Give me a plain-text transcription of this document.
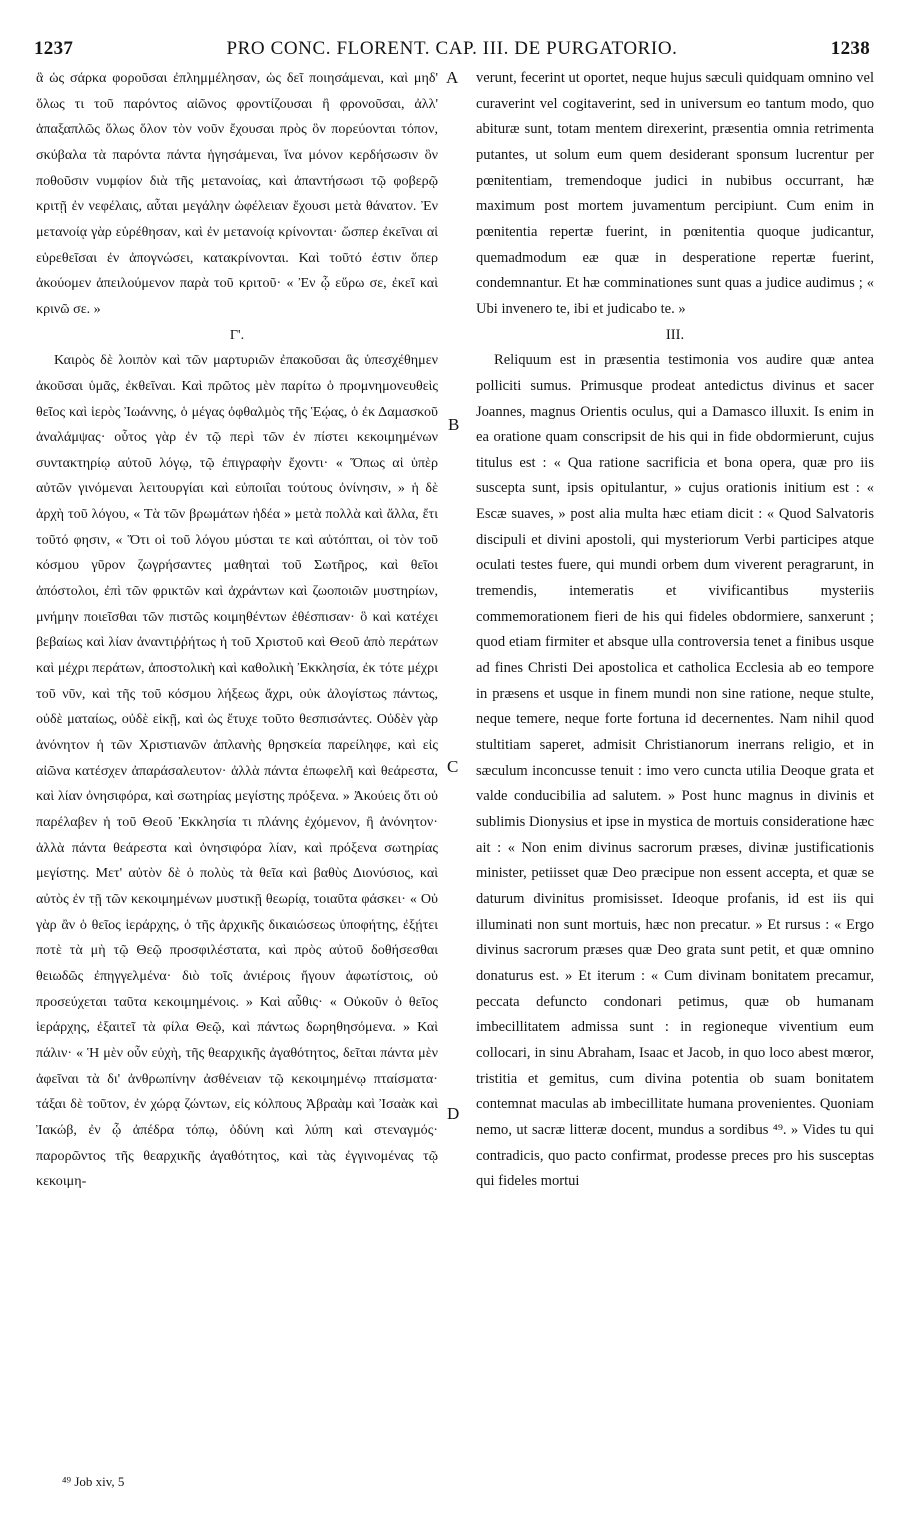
1237	PRO CONC. FLORENT. CAP. III. DE PURGATORIO.	1238

ἃ ὡς σάρκα φοροῦσαι ἐπλημμέλησαν, ὡς δεῖ ποιησάμεναι, καὶ μηδ' ὅλως τι τοῦ παρόντος αἰῶνος φροντίζουσαι ἢ φρονοῦσαι, ἀλλ' ἁπαξαπλῶς ὅλως ὅλον τὸν νοῦν ἔχουσαι πρὸς ὃν πορεύονται τόπον, σκύβαλα τὰ παρόντα πάντα ἡγησάμεναι, ἵνα μόνον κερδήσωσιν ὃν ποθοῦσιν νυμφίον διὰ τῆς μετανοίας, καὶ ἀπαντήσωσι τῷ φοβερῷ κριτῇ ἐν νεφέλαις, αὗται μεγάλην ὠφέλειαν ἔχουσι μετὰ θάνατον. Ἐν μετανοίᾳ γὰρ εὑρέθησαν, καὶ ἐν μετανοίᾳ κρίνονται· ὥσπερ ἐκεῖναι αἱ εὑρεθεῖσαι ἐν ἀπογνώσει, κατακρίνονται. Καὶ τοῦτό ἐστιν ὅπερ ἀκούομεν ἀπειλούμενον παρὰ τοῦ κριτοῦ· « Ἐν ᾧ εὕρω σε, ἐκεῖ καὶ κρινῶ σε. »

Γ'.

Καιρὸς δὲ λοιπὸν καὶ τῶν μαρτυριῶν ἐπακοῦσαι ἃς ὑπεσχέθημεν ἀκοῦσαι ὑμᾶς, ἐκθεῖναι. Καὶ πρῶτος μὲν παρίτω ὁ προμνημονευθεὶς θεῖος καὶ ἱερὸς Ἰωάννης, ὁ μέγας ὀφθαλμὸς τῆς Ἑῴας, ὁ ἐκ Δαμασκοῦ ἀναλάμψας· οὗτος γὰρ ἐν τῷ περὶ τῶν ἐν πίστει κεκοιμημένων συντακτηρίῳ αὐτοῦ λόγῳ, τῷ ἐπιγραφὴν ἔχοντι· « Ὅπως αἱ ὑπὲρ αὐτῶν γινόμεναι λειτουργίαι καὶ εὐποιΐαι τούτους ὀνίνησιν, » ἡ δὲ ἀρχὴ τοῦ λόγου, « Τὰ τῶν βρωμάτων ἡδέα » μετὰ πολλὰ καὶ ἄλλα, ἔτι τοῦτό φησιν, « Ὅτι οἱ τοῦ λόγου μύσται τε καὶ αὐτόπται, οἱ τὸν τοῦ κόσμου γῦρον ζωγρήσαντες μαθηταὶ τοῦ Σωτῆρος, καὶ θεῖοι ἀπόστολοι, ἐπὶ τῶν φρικτῶν καὶ ἀχράντων καὶ ζωοποιῶν μυστηρίων, μνήμην ποιεῖσθαι τῶν πιστῶς κοιμηθέντων ἐθέσπισαν· ὃ καὶ κατέχει βεβαίως καὶ λίαν ἀναντιῤῥήτως ἡ τοῦ Χριστοῦ καὶ Θεοῦ ἀπὸ περάτων καὶ μέχρι περάτων, ἀποστολικὴ καὶ καθολικὴ Ἐκκλησία, ἐκ τότε μέχρι τοῦ νῦν, καὶ τῆς τοῦ κόσμου λήξεως ἄχρι, οὐκ ἀλογίστως πάντως, οὐδὲ ματαίως, οὐδὲ εἰκῇ, καὶ ὡς ἔτυχε τοῦτο θεσπισάντες. Οὐδὲν γὰρ ἀνόνητον ἡ τῶν Χριστιανῶν ἀπλανὴς θρησκεία παρείληφε, καὶ εἰς αἰῶνα κατέσχεν ἀπαράσαλευτον· ἀλλὰ πάντα ἐπωφελῆ καὶ θεάρεστα, καὶ λίαν ὀνησιφόρα, καὶ σωτηρίας μεγίστης πρόξενα. » Ἀκούεις ὅτι οὐ παρέλαβεν ἡ τοῦ Θεοῦ Ἐκκλησία τι πλάνης ἐχόμενον, ἢ ἀνόνητον· ἀλλὰ πάντα θεάρεστα καὶ ὀνησιφόρα λίαν, καὶ πρόξενα σωτηρίας μεγίστης. Μετ' αὐτὸν δὲ ὁ πολὺς τὰ θεῖα καὶ βαθὺς Διονύσιος, καὶ αὐτὸς ἐν τῇ τῶν κεκοιμημένων μυστικῇ θεωρίᾳ, τοιαῦτα φάσκει· « Οὐ γὰρ ἂν ὁ θεῖος ἱεράρχης, ὁ τῆς ἀρχικῆς δικαιώσεως ὑποφήτης, ἐξῄτει ποτὲ τὰ μὴ τῷ Θεῷ προσφιλέστατα, καὶ πρὸς αὐτοῦ δοθήσεσθαι θειωδῶς ἐπηγγελμένα· διὸ τοῖς ἀνιέροις ἤγουν ἀφωτίστοις, οὐ προσεύχεται ταῦτα κεκοιμημένοις. » Καὶ αὖθις· « Οὐκοῦν ὁ θεῖος ἱεράρχης, ἐξαιτεῖ τὰ φίλα Θεῷ, καὶ πάντως δωρηθησόμενα. » Καὶ πάλιν· « Ἡ μὲν οὖν εὐχὴ, τῆς θεαρχικῆς ἀγαθότητος, δεῖται πάντα μὲν ἀφεῖναι τὰ δι' ἀνθρωπίνην ἀσθένειαν τῷ κεκοιμημένῳ πταίσματα· τάξαι δὲ τοῦτον, ἐν χώρᾳ ζώντων, εἰς κόλπους Ἀβραὰμ καὶ Ἰσαὰκ καὶ Ἰακώβ, ἐν ᾧ ἀπέδρα τόπῳ, ὀδύνη καὶ λύπη καὶ στεναγμός· παρορῶντος τῆς θεαρχικῆς ἀγαθότητος, καὶ τὰς ἐγγινομένας τῷ κεκοιμη-

verunt, fecerint ut oportet, neque hujus sæculi quidquam omnino vel curaverint vel cogitaverint, sed in universum eo tantum modo, quo abituræ sunt, totam mentem direxerint, præsentia omnia retrimenta putantes, ut solum eum quem desiderant sponsum lucrentur per pœnitentiam, tremendoque judici in nubibus occurrant, hæ maximum post mortem juvamentum percipiunt. Cum enim in pœnitentia repertæ fuerint, in pœnitentia quoque judicantur, quemadmodum eæ quæ in desperatione repertæ fuerint, condemnantur. Et hæ comminationes sunt quas a judice audimus ; « Ubi invenero te, ibi et judicabo te. »

III.

Reliquum est in præsentia testimonia vos audire quæ antea polliciti sumus. Primusque prodeat antedictus divinus et sacer Joannes, magnus Orientis oculus, qui a Damasco illuxit. Is enim in ea oratione quam conscripsit de his qui in fide obdormierunt, cujus titulus est : « Qua ratione sacrificia et bona opera, quæ pro iis suscepta sunt, ipsis opitulantur, » cujus orationis initium est : « Escæ suaves, » post alia multa hæc etiam dicit : « Quod Salvatoris discipuli et divini apostoli, qui mysteriorum Verbi participes atque oculati testes fuere, qui mundi orbem dum viverent peragrarunt, in tremendis, intemeratis et vivificantibus mysteriis commemorationem fieri de his qui fideles obdormiere, sanxerunt ; quod etiam firmiter et absque ulla controversia tenet a finibus usque ad fines Christi Dei apostolica et catholica Ecclesia ab eo tempore in præsens et usque in finem mundi non sine ratione, neque stulte, neque temere, neque forte fortuna id decernentes. Nam nihil quod stultitiam saperet, admisit Christianorum inerrans religio, et in sæculum inconcusse tenuit : imo vero cuncta utilia Deoque grata et valde conducibilia ad salutem. » Post hunc magnus in divinis et sublimis Dionysius et ipse in mystica de mortuis consideratione hæc ait : « Non enim divinus sacrorum præses, divinæ justificationis minister, petiisset quæ Deo præcipue non essent accepta, et quæ se daturum divinitus promisisset. Ideoque profanis, id est iis qui illuminati non sunt mortuis, hæc non precatur. » Et rursus : « Ergo divinus sacrorum præses quæ Deo grata sunt petit, et quæ omnino donaturus est. » Et iterum : « Cum divinam bonitatem precamur, peccata defuncto condonari petimus, quæ ob humanam imbecillitatem admissa sunt : in regioneque viventium eum collocari, in sinu Abraham, Isaac et Jacob, in quo loco abest mœror, tristitia et gemitus, cum divina potentia ob suam bonitatem contemnat maculas ab imbecillitate humana provenientes. Quoniam nemo, ut sacræ litteræ docent, mundus a sordibus ⁴⁹. » Vides tu qui contradicis, quo pacto confirmat, prodesse preces pro his susceptas qui fideles mortui

A
B
C
D
⁴⁹ Job xiv, 5
